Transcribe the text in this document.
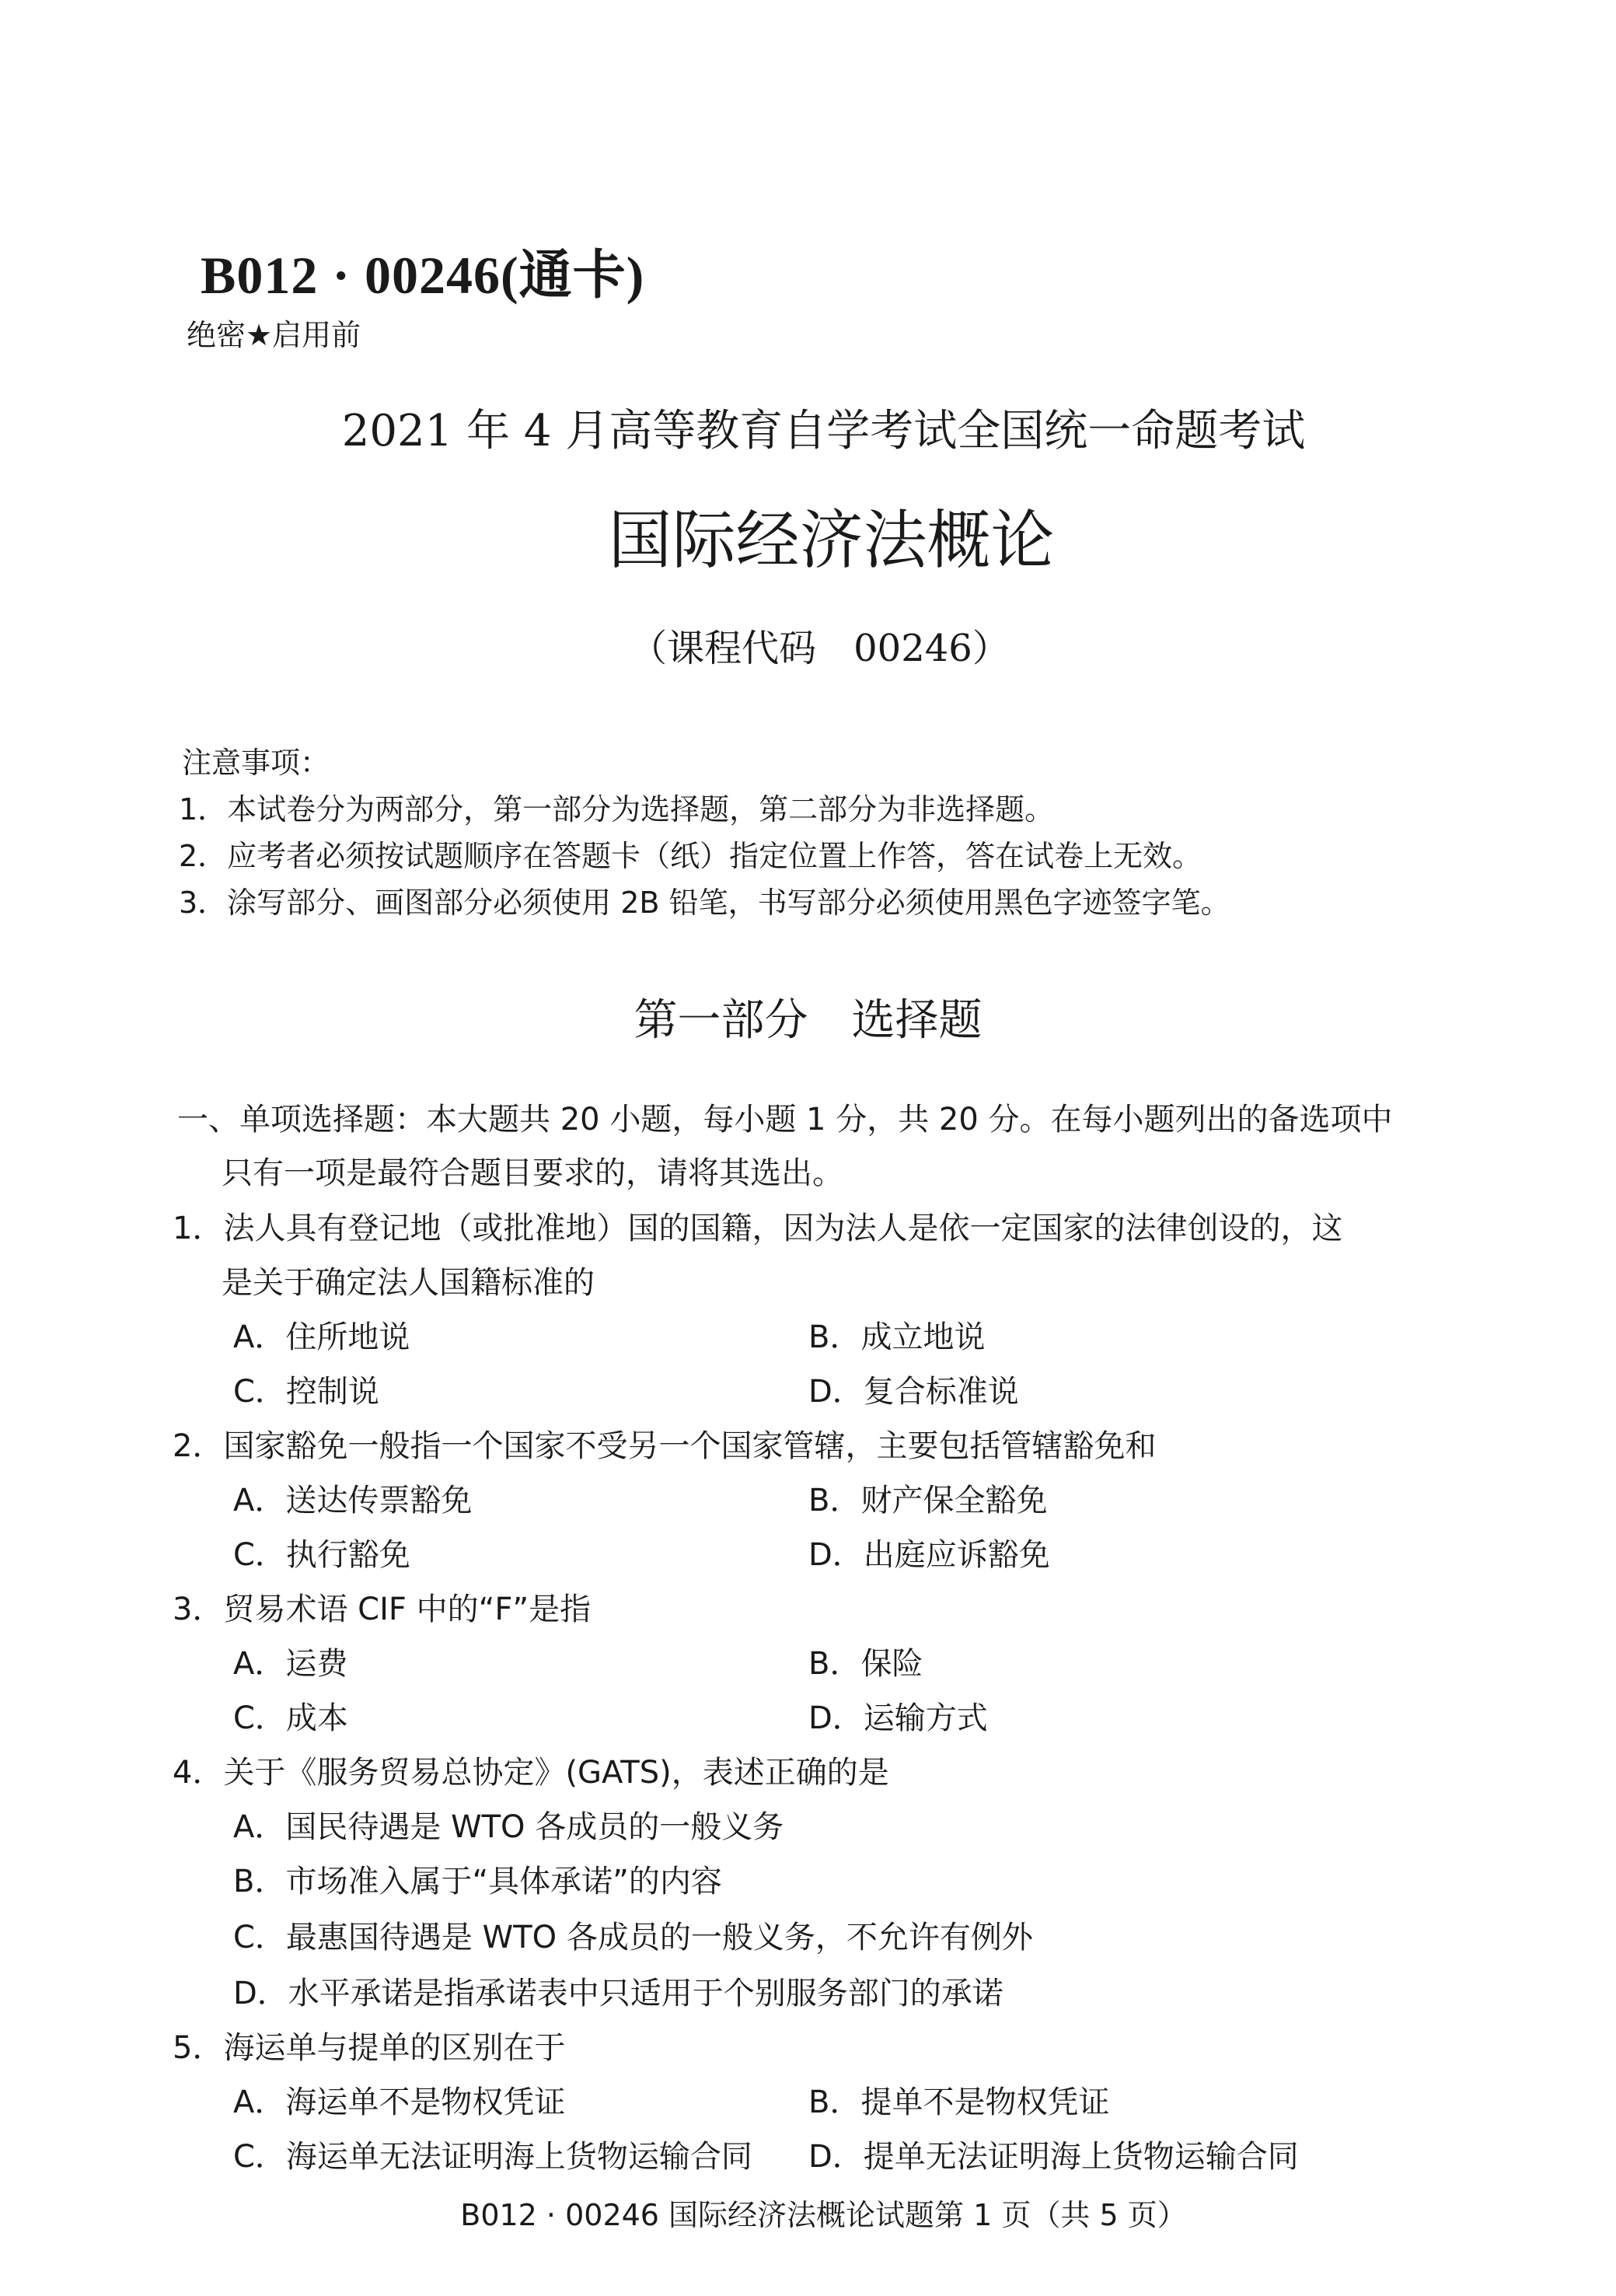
B012 · 00246(通卡)
绝密★启用前
2021 年 4 月高等教育自学考试全国统一命题考试
国际经济法概论
（课程代码　00246）
注意事项：
1．本试卷分为两部分，第一部分为选择题，第二部分为非选择题。
2．应考者必须按试题顺序在答题卡（纸）指定位置上作答，答在试卷上无效。
3．涂写部分、画图部分必须使用 2B 铅笔，书写部分必须使用黑色字迹签字笔。
第一部分　选择题
一、单项选择题：本大题共 20 小题，每小题 1 分，共 20 分。在每小题列出的备选项中
只有一项是最符合题目要求的，请将其选出。
1．法人具有登记地（或批准地）国的国籍，因为法人是依一定国家的法律创设的，这
是关于确定法人国籍标准的
A．住所地说	B．成立地说
C．控制说	D．复合标准说
2．国家豁免一般指一个国家不受另一个国家管辖，主要包括管辖豁免和
A．送达传票豁免	B．财产保全豁免
C．执行豁免	D．出庭应诉豁免
3．贸易术语 CIF 中的“F”是指
A．运费	B．保险
C．成本	D．运输方式
4．关于《服务贸易总协定》(GATS)，表述正确的是
A．国民待遇是 WTO 各成员的一般义务
B．市场准入属于“具体承诺”的内容
C．最惠国待遇是 WTO 各成员的一般义务，不允许有例外
D．水平承诺是指承诺表中只适用于个别服务部门的承诺
5．海运单与提单的区别在于
A．海运单不是物权凭证	B．提单不是物权凭证
C．海运单无法证明海上货物运输合同 D．提单无法证明海上货物运输合同
B012 · 00246 国际经济法概论试题第 1 页（共 5 页）
